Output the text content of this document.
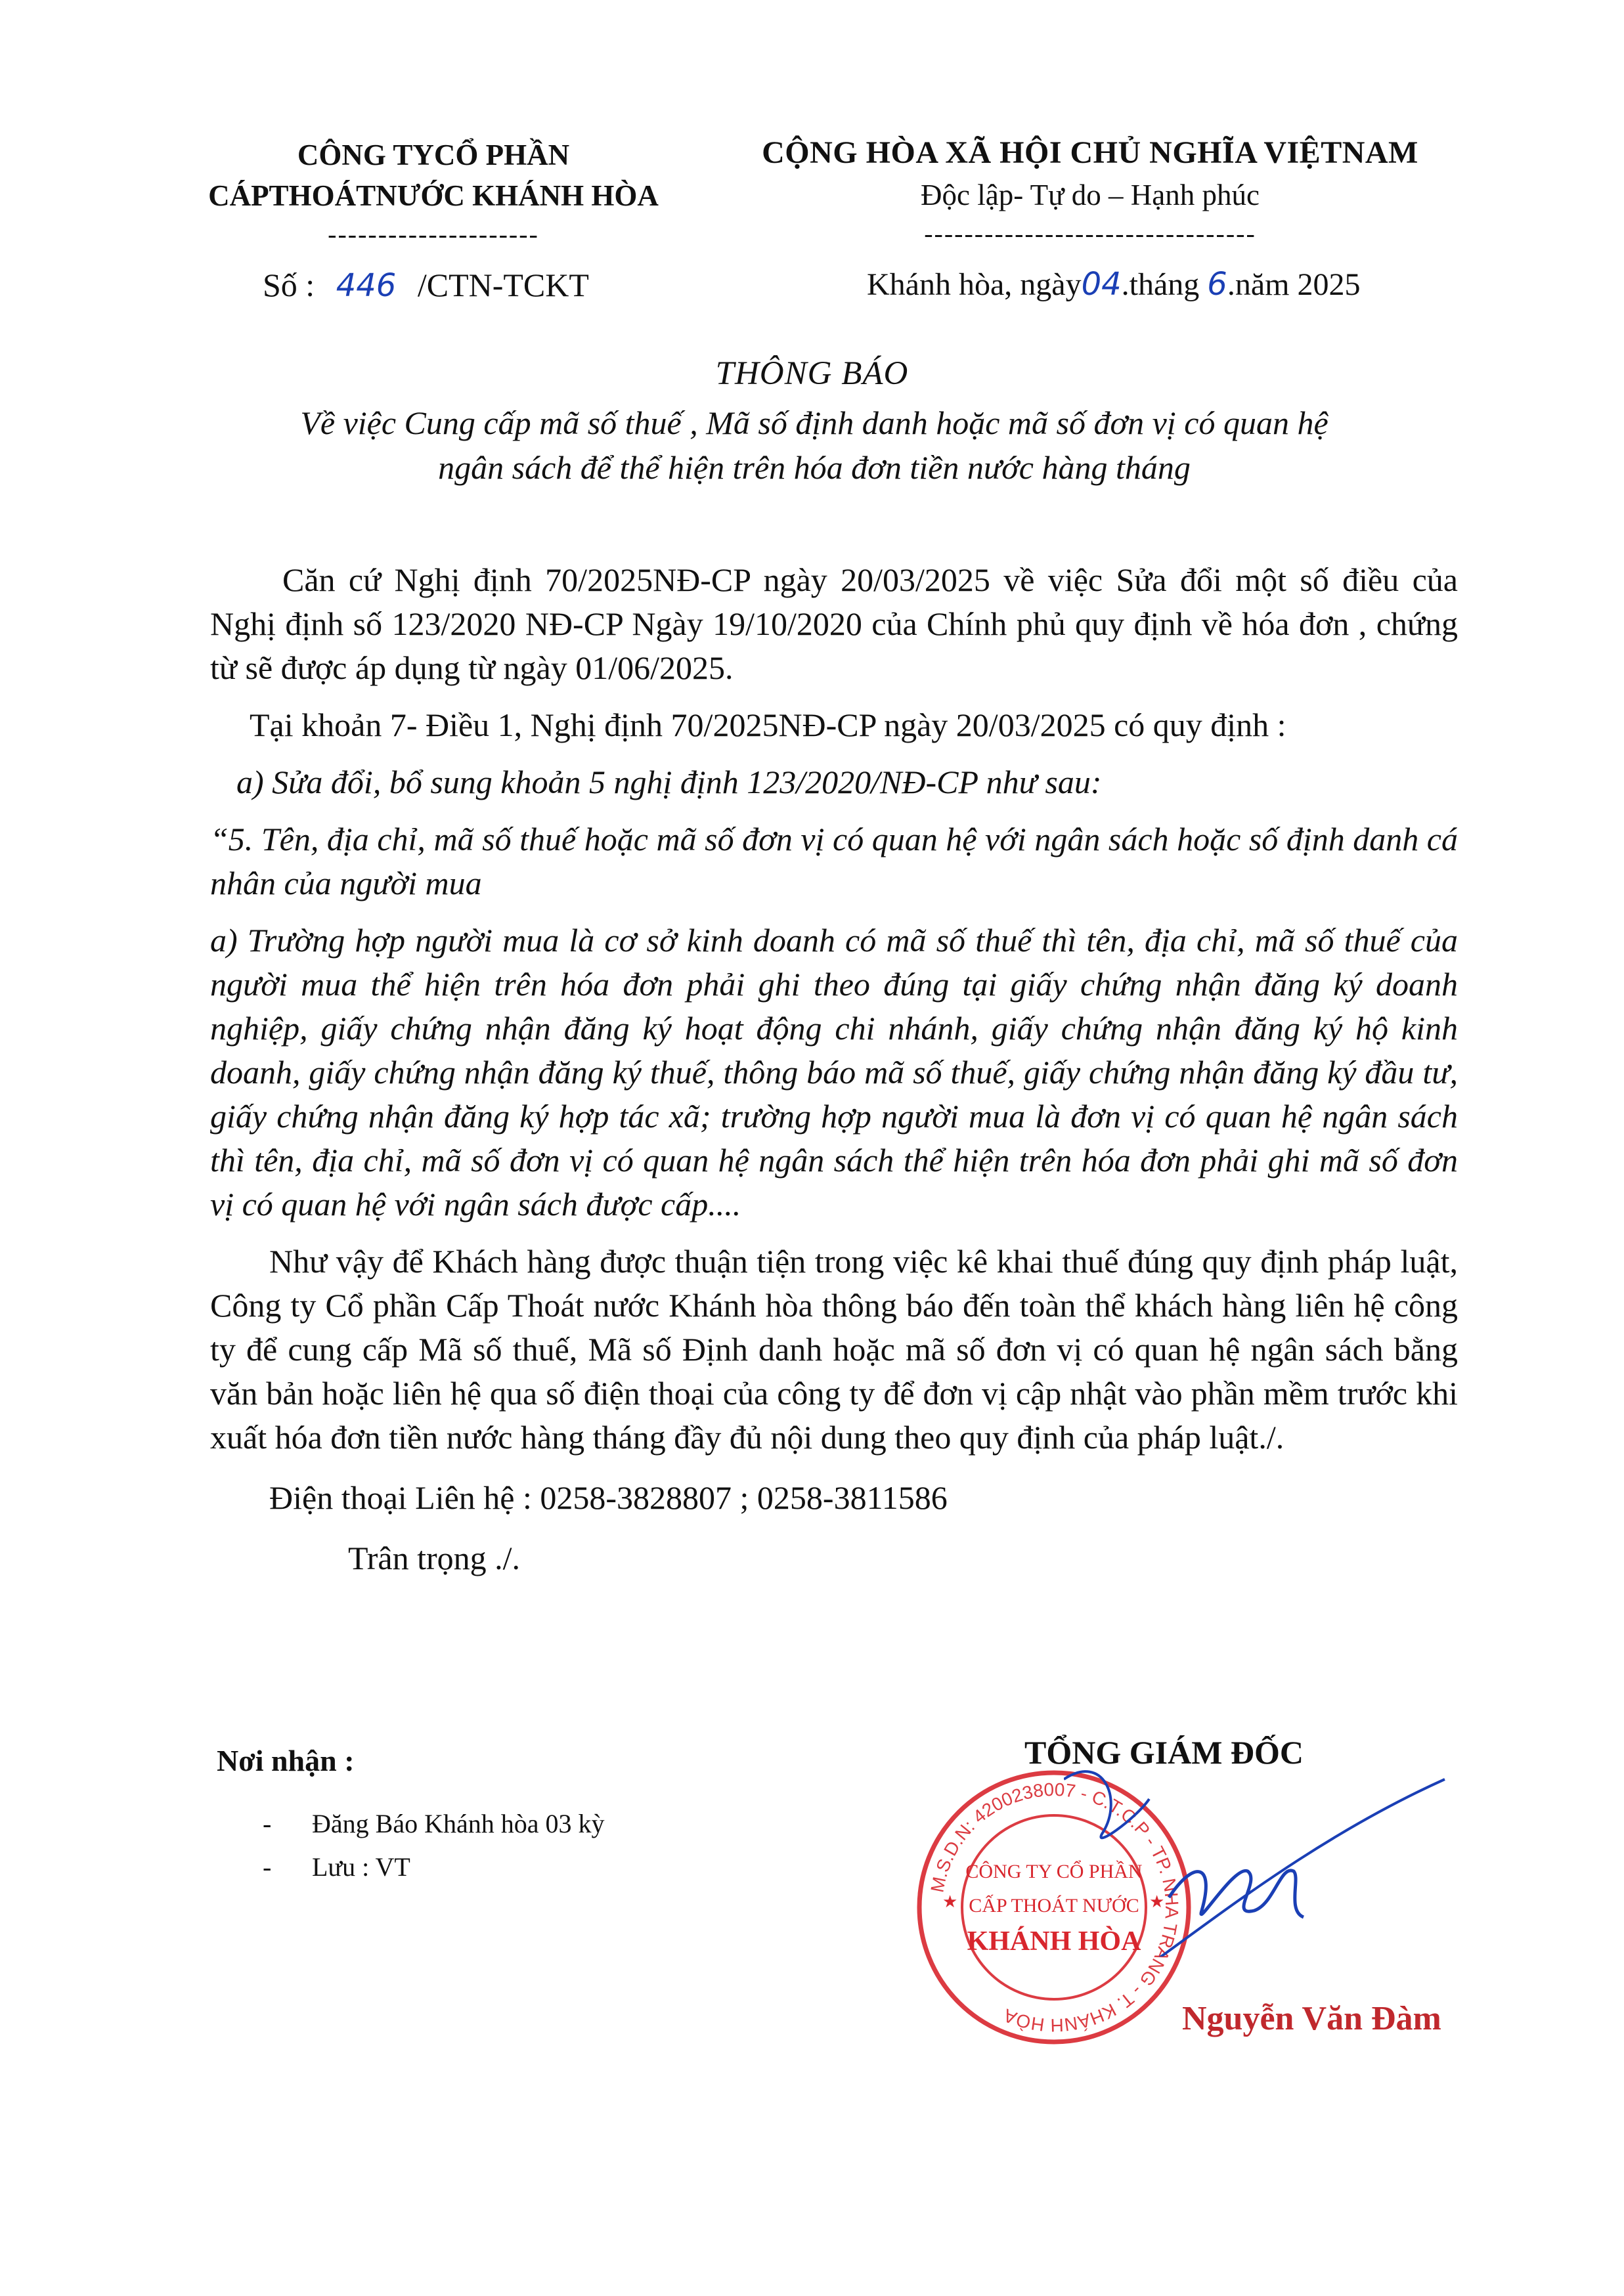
CÔNG TYCỔ PHẦN
CÁPTHOÁTNƯỚC KHÁNH HÒA
---------------------
CỘNG HÒA XÃ HỘI CHỦ NGHĨA VIỆTNAM
Độc lập- Tự do – Hạnh phúc
---------------------------------
Số : 446 /CTN-TCKT	Khánh hòa, ngày04.tháng 6.năm 2025
THÔNG BÁO
Về việc Cung cấp mã số thuế , Mã số định danh hoặc mã số đơn vị có quan hệ
ngân sách để thể hiện trên hóa đơn tiền nước hàng tháng

Căn cứ Nghị định 70/2025NĐ-CP ngày 20/03/2025 về việc Sửa đổi một số điều của Nghị định số 123/2020 NĐ-CP Ngày 19/10/2020 của Chính phủ quy định về hóa đơn , chứng từ sẽ được áp dụng từ ngày 01/06/2025.

Tại khoản 7- Điều 1, Nghị định 70/2025NĐ-CP ngày 20/03/2025 có quy định :

a) Sửa đổi, bổ sung khoản 5 nghị định 123/2020/NĐ-CP như sau:

“5. Tên, địa chỉ, mã số thuế hoặc mã số đơn vị có quan hệ với ngân sách hoặc số định danh cá nhân của người mua

a) Trường hợp người mua là cơ sở kinh doanh có mã số thuế thì tên, địa chỉ, mã số thuế của người mua thể hiện trên hóa đơn phải ghi theo đúng tại giấy chứng nhận đăng ký doanh nghiệp, giấy chứng nhận đăng ký hoạt động chi nhánh, giấy chứng nhận đăng ký hộ kinh doanh, giấy chứng nhận đăng ký thuế, thông báo mã số thuế, giấy chứng nhận đăng ký đầu tư, giấy chứng nhận đăng ký hợp tác xã; trường hợp người mua là đơn vị có quan hệ ngân sách thì tên, địa chỉ, mã số đơn vị có quan hệ ngân sách thể hiện trên hóa đơn phải ghi mã số đơn vị có quan hệ với ngân sách được cấp....

Như vậy để Khách hàng được thuận tiện trong việc kê khai thuế đúng quy định pháp luật, Công ty Cổ phần Cấp Thoát nước Khánh hòa thông báo đến toàn thể khách hàng liên hệ công ty để cung cấp Mã số thuế, Mã số Định danh hoặc mã số đơn vị có quan hệ ngân sách bằng văn bản hoặc liên hệ qua số điện thoại của công ty để đơn vị cập nhật vào phần mềm trước khi xuất hóa đơn tiền nước hàng tháng đầy đủ nội dung theo quy định của pháp luật./.

Điện thoại Liên hệ : 0258-3828807 ; 0258-3811586

Trân trọng ./.

Nơi nhận :
- Đăng Báo Khánh hòa 03 kỳ
- Lưu : VT
M.S.D.N: 4200238007 - C.T.C.P - TP. NHA TRANG - T. KHÁNH HÒA
CÔNG TY CỔ PHẦN
CẤP THOÁT NƯỚC
KHÁNH HÒA
★	★
TỔNG GIÁM ĐỐC
Nguyễn Văn Đàm
